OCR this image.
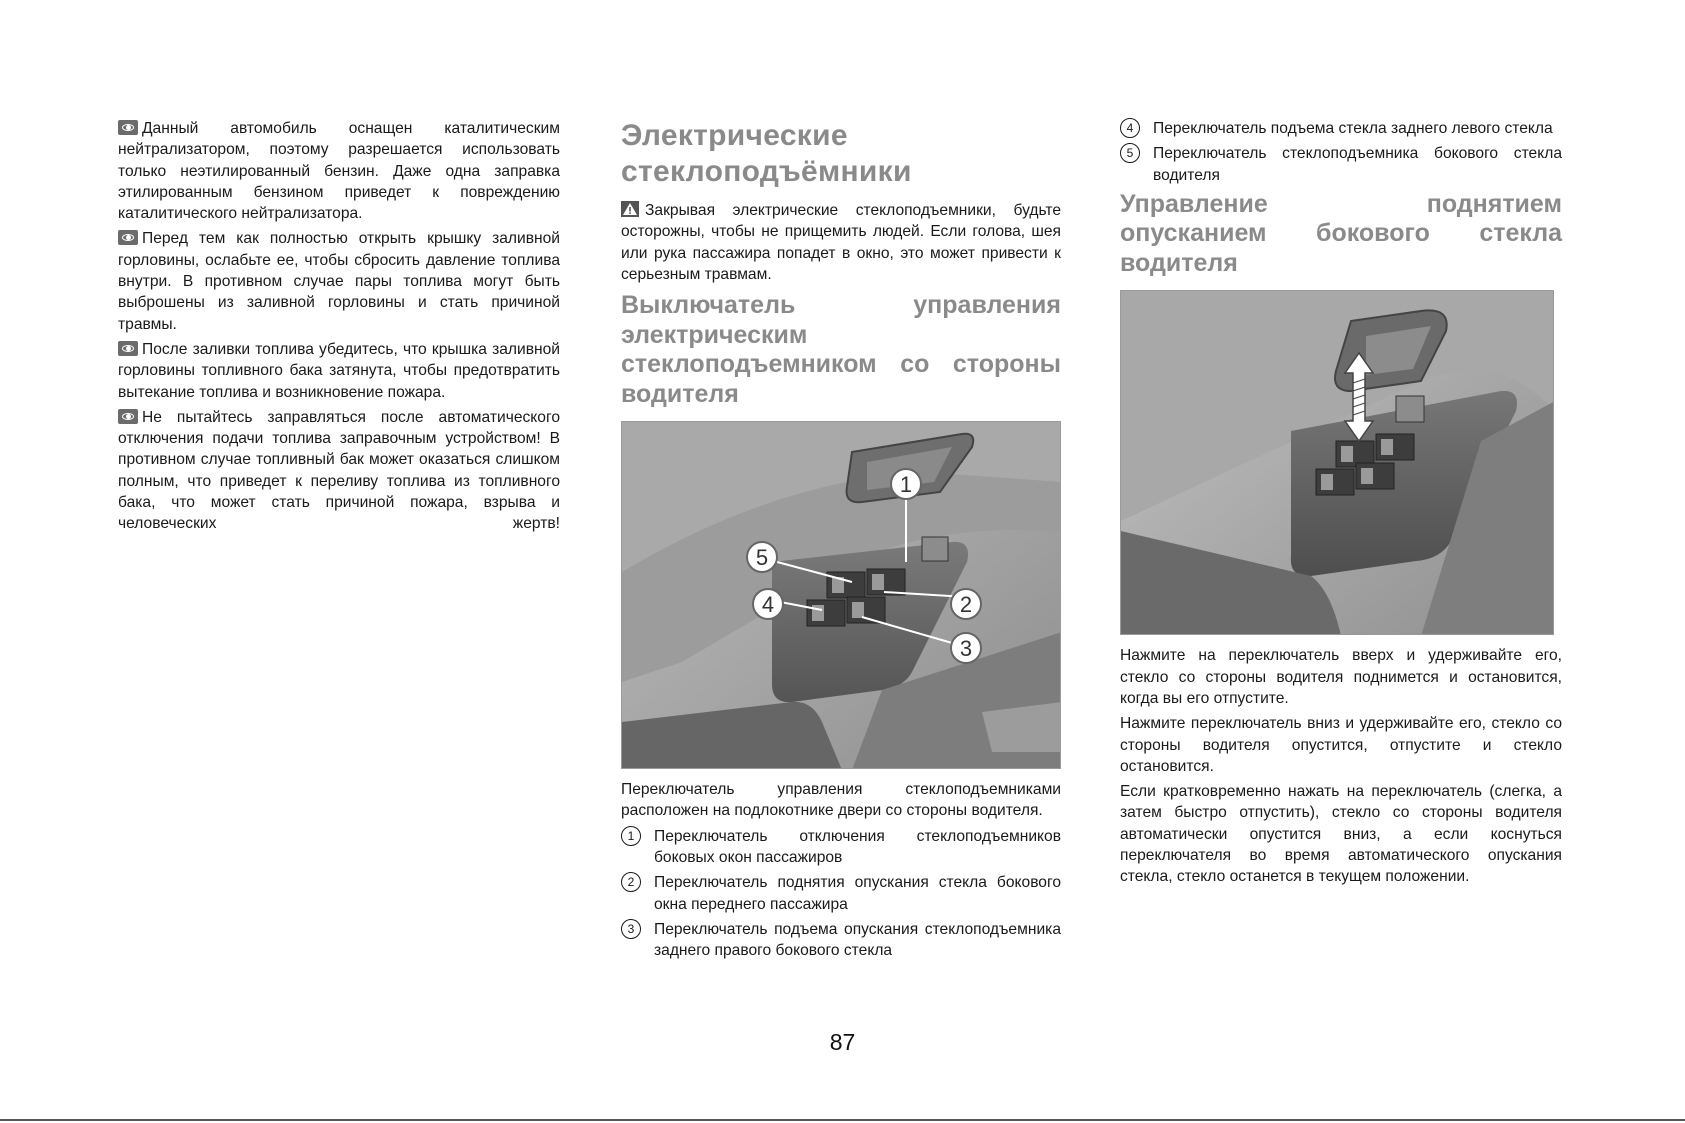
Данный автомобиль оснащен каталитическим нейтрализатором, поэтому разрешается использовать только неэтилированный бензин. Даже одна заправка этилированным бензином приведет к повреждению каталитического нейтрализатора.

Перед тем как полностью открыть крышку заливной горловины, ослабьте ее, чтобы сбросить давление топлива внутри. В противном случае пары топлива могут быть выброшены из заливной горловины и стать причиной травмы.

После заливки топлива убедитесь, что крышка заливной горловины топливного бака затянута, чтобы предотвратить вытекание топлива и возникновение пожара.

Не пытайтесь заправляться после автоматического отключения подачи топлива заправочным устройством! В противном случае топливный бак может оказаться слишком полным, что приведет к переливу топлива из топливного бака, что может стать причиной пожара, взрыва и человеческих жертв!

Электрические стеклоподъёмники

Закрывая электрические стеклоподъемники, будьте осторожны, чтобы не прищемить людей. Если голова, шея или рука пассажира попадет в окно, это может привести к серьезным травмам.

Выключатель управления электрическим стеклоподъемником со стороны водителя
1
5
2
4
3

Переключатель управления стеклоподъемниками расположен на подлокотнике двери со стороны водителя.

1	Переключатель отключения стеклоподъемников боковых окон пассажиров
2	Переключатель поднятия опускания стекла бокового окна переднего пассажира
3	Переключатель подъема опускания стеклоподъемника заднего правого бокового стекла
4	Переключатель подъема стекла заднего левого стекла
5	Переключатель стеклоподъемника бокового стекла водителя
Управление поднятием опусканием бокового стекла водителя

Нажмите на переключатель вверх и удерживайте его, стекло со стороны водителя поднимется и остановится, когда вы его отпустите.

Нажмите переключатель вниз и удерживайте его, стекло со стороны водителя опустится, отпустите и стекло остановится.

Если кратковременно нажать на переключатель (слегка, а затем быстро отпустить), стекло со стороны водителя автоматически опустится вниз, а если коснуться переключателя во время автоматического опускания стекла, стекло останется в текущем положении.

87
